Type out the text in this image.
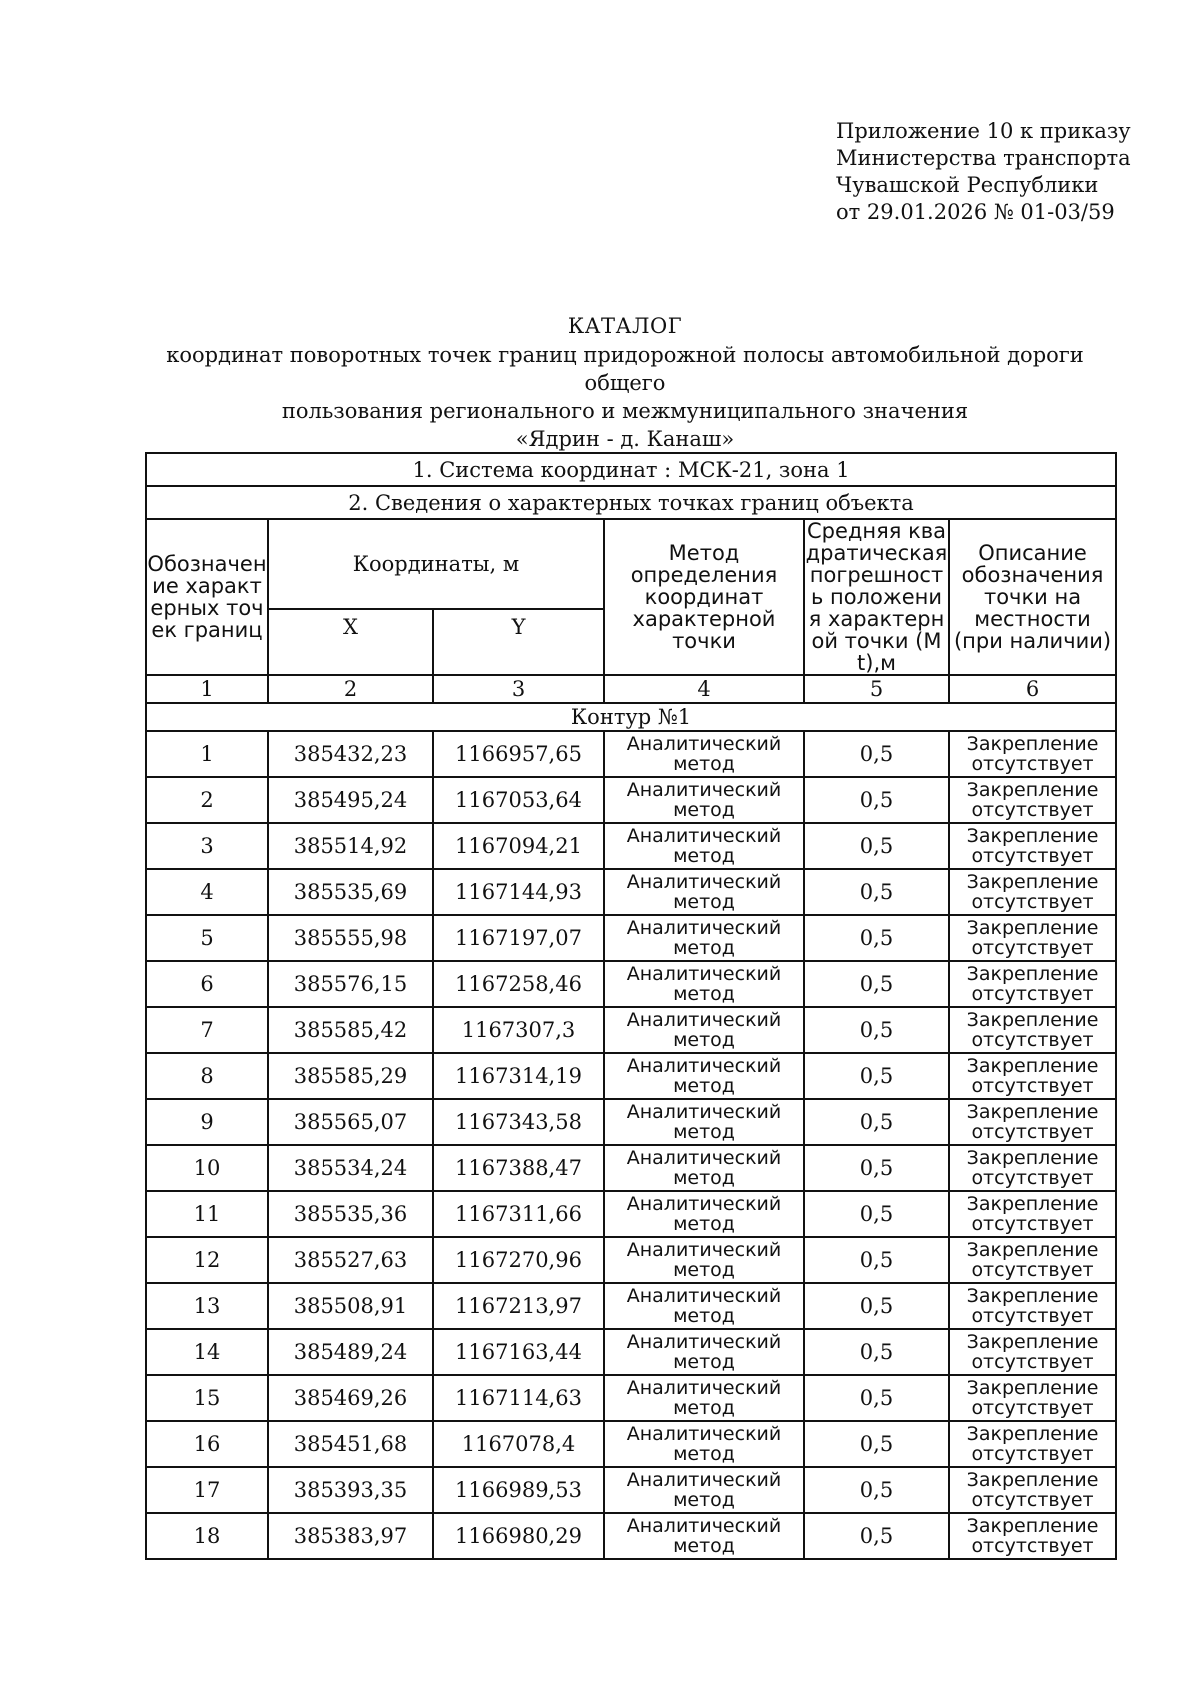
Приложение 10 к приказу
Министерства транспорта
Чувашской Республики
от 29.01.2026 № 01-03/59
КАТАЛОГ
координат поворотных точек границ придорожной полосы автомобильной дороги общего
пользования регионального и межмуниципального значения
«Ядрин - д. Канаш»
1. Система координат : МСК-21, зона 1					
2. Сведения о характерных точках границ объекта					
Обозначение характерных точек границ	Координаты, м		Метод определения координат характерной точки	Средняя квадратическая погрешность положения характерной точки (Mt),м	Описание обозначения точки на местности (при наличии)
	X	Y			
1	2	3	4	5	6
Контур №1					
1	385432,23	1166957,65	Аналитический метод	0,5	Закрепление отсутствует
2	385495,24	1167053,64	Аналитический метод	0,5	Закрепление отсутствует
3	385514,92	1167094,21	Аналитический метод	0,5	Закрепление отсутствует
4	385535,69	1167144,93	Аналитический метод	0,5	Закрепление отсутствует
5	385555,98	1167197,07	Аналитический метод	0,5	Закрепление отсутствует
6	385576,15	1167258,46	Аналитический метод	0,5	Закрепление отсутствует
7	385585,42	1167307,3	Аналитический метод	0,5	Закрепление отсутствует
8	385585,29	1167314,19	Аналитический метод	0,5	Закрепление отсутствует
9	385565,07	1167343,58	Аналитический метод	0,5	Закрепление отсутствует
10	385534,24	1167388,47	Аналитический метод	0,5	Закрепление отсутствует
11	385535,36	1167311,66	Аналитический метод	0,5	Закрепление отсутствует
12	385527,63	1167270,96	Аналитический метод	0,5	Закрепление отсутствует
13	385508,91	1167213,97	Аналитический метод	0,5	Закрепление отсутствует
14	385489,24	1167163,44	Аналитический метод	0,5	Закрепление отсутствует
15	385469,26	1167114,63	Аналитический метод	0,5	Закрепление отсутствует
16	385451,68	1167078,4	Аналитический метод	0,5	Закрепление отсутствует
17	385393,35	1166989,53	Аналитический метод	0,5	Закрепление отсутствует
18	385383,97	1166980,29	Аналитический метод	0,5	Закрепление отсутствует
